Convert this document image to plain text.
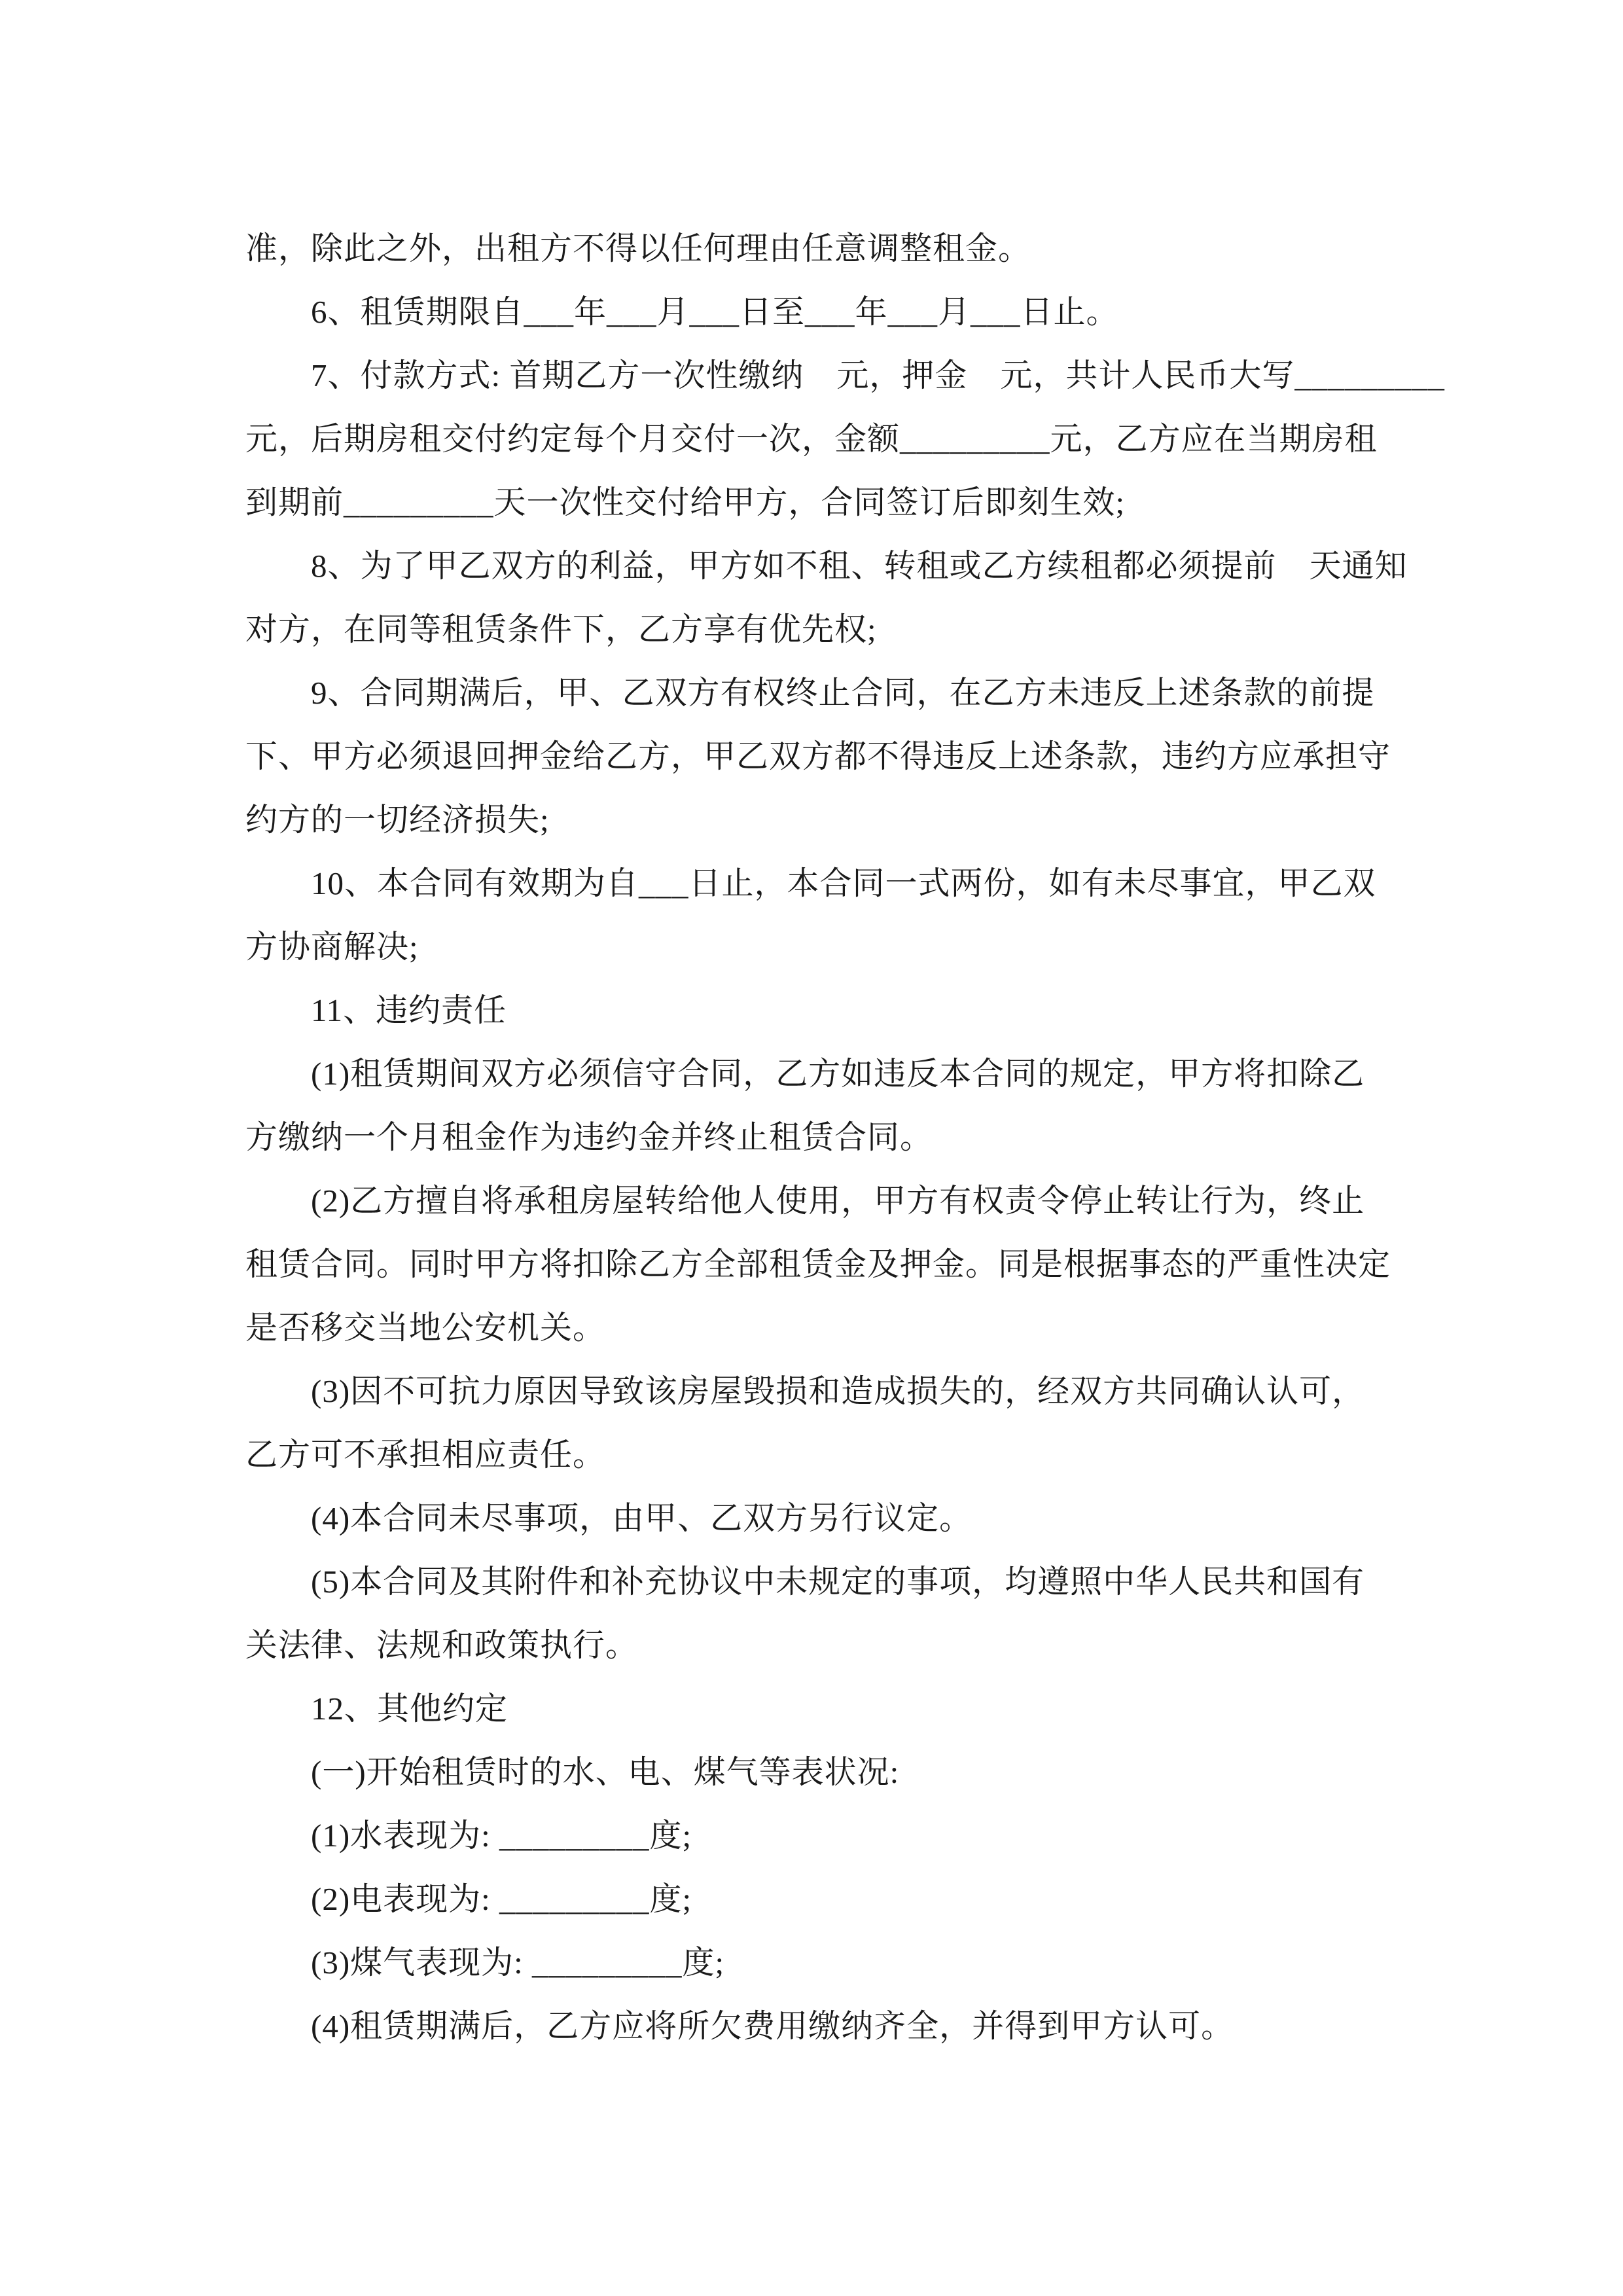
准，除此之外，出租方不得以任何理由任意调整租金。
　　6、租赁期限自___年___月___日至___年___月___日止。
　　7、付款方式: 首期乙方一次性缴纳　元，押金　元，共计人民币大写_________
元，后期房租交付约定每个月交付一次，金额_________元，乙方应在当期房租
到期前_________天一次性交付给甲方，合同签订后即刻生效;
　　8、为了甲乙双方的利益，甲方如不租、转租或乙方续租都必须提前　天通知
对方，在同等租赁条件下，乙方享有优先权;
　　9、合同期满后，甲、乙双方有权终止合同，在乙方未违反上述条款的前提
下、甲方必须退回押金给乙方，甲乙双方都不得违反上述条款，违约方应承担守
约方的一切经济损失;
　　10、本合同有效期为自___日止，本合同一式两份，如有未尽事宜，甲乙双
方协商解决;
　　11、违约责任
　　(1)租赁期间双方必须信守合同，乙方如违反本合同的规定，甲方将扣除乙
方缴纳一个月租金作为违约金并终止租赁合同。
　　(2)乙方擅自将承租房屋转给他人使用，甲方有权责令停止转让行为，终止
租赁合同。同时甲方将扣除乙方全部租赁金及押金。同是根据事态的严重性决定
是否移交当地公安机关。
　　(3)因不可抗力原因导致该房屋毁损和造成损失的，经双方共同确认认可，
乙方可不承担相应责任。
　　(4)本合同未尽事项，由甲、乙双方另行议定。
　　(5)本合同及其附件和补充协议中未规定的事项，均遵照中华人民共和国有
关法律、法规和政策执行。
　　12、其他约定
　　(一)开始租赁时的水、电、煤气等表状况:
　　(1)水表现为: _________度;
　　(2)电表现为: _________度;
　　(3)煤气表现为: _________度;
　　(4)租赁期满后，乙方应将所欠费用缴纳齐全，并得到甲方认可。
